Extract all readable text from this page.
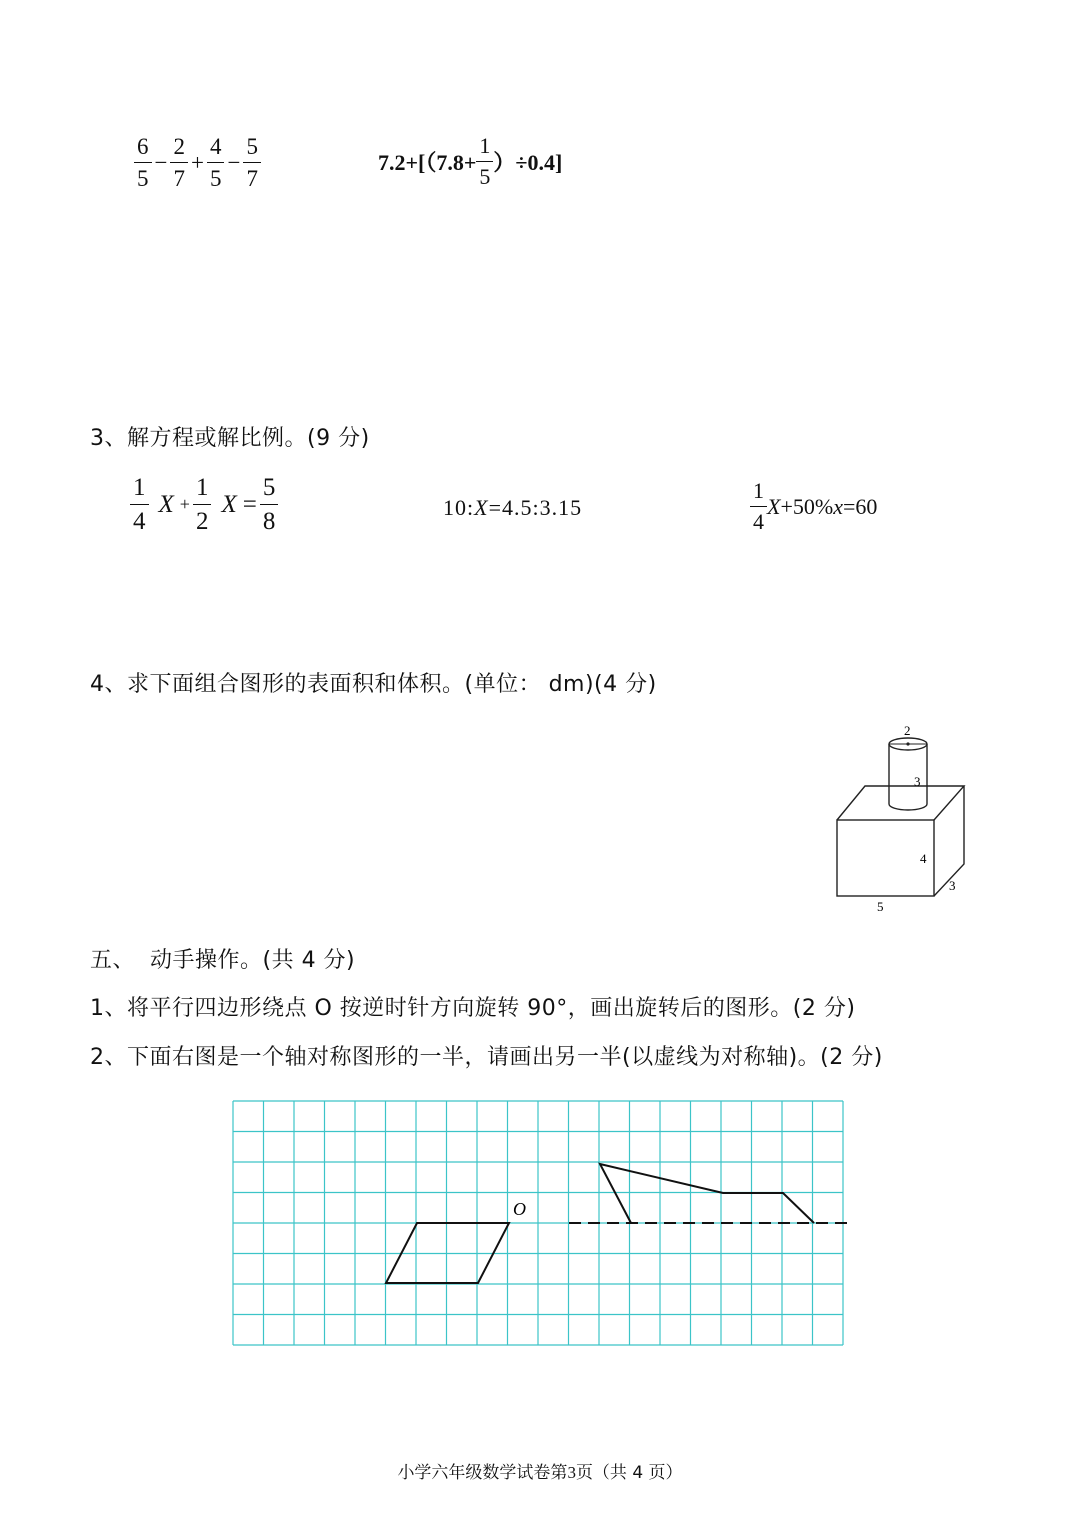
$\frac{6}{5} - \frac{2}{7} + \frac{4}{5} - \frac{5}{7}$	$7.2+[(7.8+ \frac{1}{5} )\div 0.4]$
3、解方程或解比例。(9 分)
$\frac{1}{4}$ $X + \frac{1}{2}$ $X = \frac{5}{8}$	10:X=4.5:3.15	$\frac{1}{4}$ X +50% x =60
4、求下面组合图形的表面积和体积。(单位： dm)(4 分)
2
3
4
3
5
五、  动手操作。(共 4 分)
1、将平行四边形绕点 O 按逆时针方向旋转 90°，画出旋转后的图形。(2 分)
2、下面右图是一个轴对称图形的一半，请画出另一半(以虚线为对称轴)。(2 分)
O
小学六年级数学试卷第3页（共 4 页）
